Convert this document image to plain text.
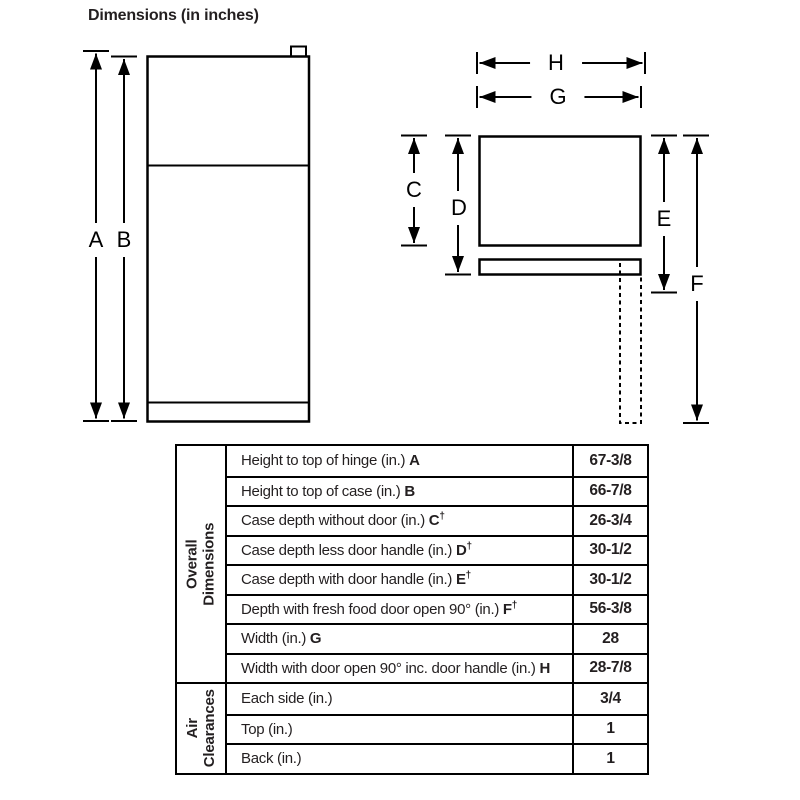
Dimensions (in inches)
A B
C
D	E
F
H
G
Overall Dimensions
Height to top of hinge (in.) A	67-3/8
Height to top of case (in.) B	66-7/8
Case depth without door (in.) C†	26-3/4
Case depth less door handle (in.) D†	30-1/2
Case depth with door handle (in.) E†	30-1/2
Depth with fresh food door open 90° (in.) F†	56-3/8
Width (in.) G	28
Width with door open 90° inc. door handle (in.) H	28-7/8
Air Clearances Each side (in.)	3/4
Top (in.)	1
Back (in.)	1
